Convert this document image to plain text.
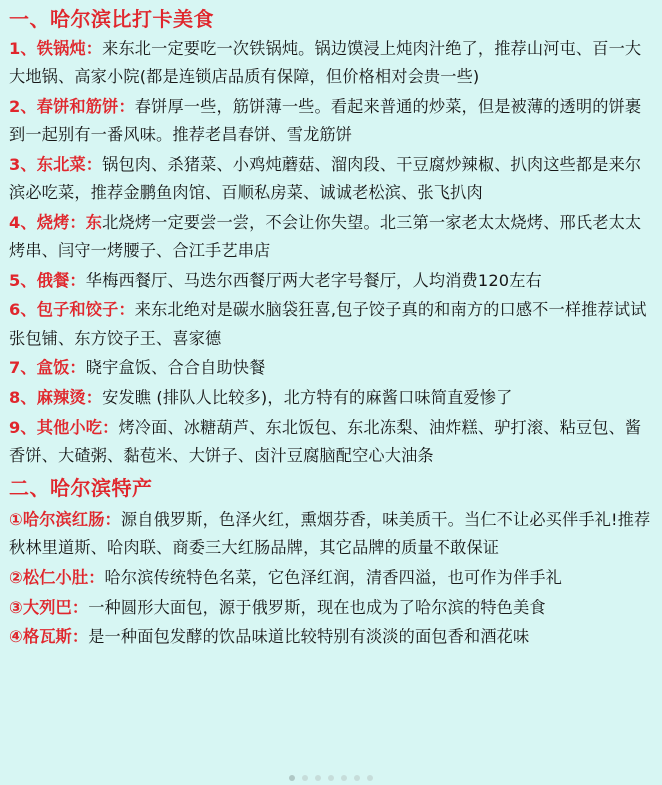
一、哈尔滨比打卡美食

1、铁锅炖：来东北一定要吃一次铁锅炖。锅边馍浸上炖肉汁绝了，推荐山河屯、百一大大地锅、高家小院(都是连锁店品质有保障，但价格相对会贵一些)

2、春饼和筋饼：春饼厚一些，筋饼薄一些。看起来普通的炒菜，但是被薄的透明的饼裹到一起别有一番风味。推荐老昌春饼、雪龙筋饼

3、东北菜：锅包肉、杀猪菜、小鸡炖蘑菇、溜肉段、干豆腐炒辣椒、扒肉这些都是来尔滨必吃菜，推荐金鹏鱼肉馆、百顺私房菜、诚诚老松滨、张飞扒肉

4、烧烤：东北烧烤一定要尝一尝，不会让你失望。北三第一家老太太烧烤、邢氏老太太烤串、闫守一烤腰子、合江手艺串店

5、俄餐：华梅西餐厅、马迭尔西餐厅两大老字号餐厅，人均消费120左右

6、包子和饺子：来东北绝对是碳水脑袋狂喜,包子饺子真的和南方的口感不一样推荐试试张包铺、东方饺子王、喜家德

7、盒饭：晓宇盒饭、合合自助快餐

8、麻辣烫：安发瞧 (排队人比较多)，北方特有的麻酱口味简直爱惨了

9、其他小吃：烤冷面、冰糖葫芦、东北饭包、东北冻梨、油炸糕、驴打滚、粘豆包、酱香饼、大碴粥、黏苞米、大饼子、卤汁豆腐脑配空心大油条

二、哈尔滨特产

①哈尔滨红肠：源自俄罗斯，色泽火红，熏烟芬香，味美质干。当仁不让必买伴手礼!推荐秋林里道斯、哈肉联、商委三大红肠品牌，其它品牌的质量不敢保证

②松仁小肚：哈尔滨传统特色名菜，它色泽红润，清香四溢，也可作为伴手礼

③大列巴：一种圆形大面包，源于俄罗斯，现在也成为了哈尔滨的特色美食

④格瓦斯：是一种面包发酵的饮品味道比较特别有淡淡的面包香和酒花味
